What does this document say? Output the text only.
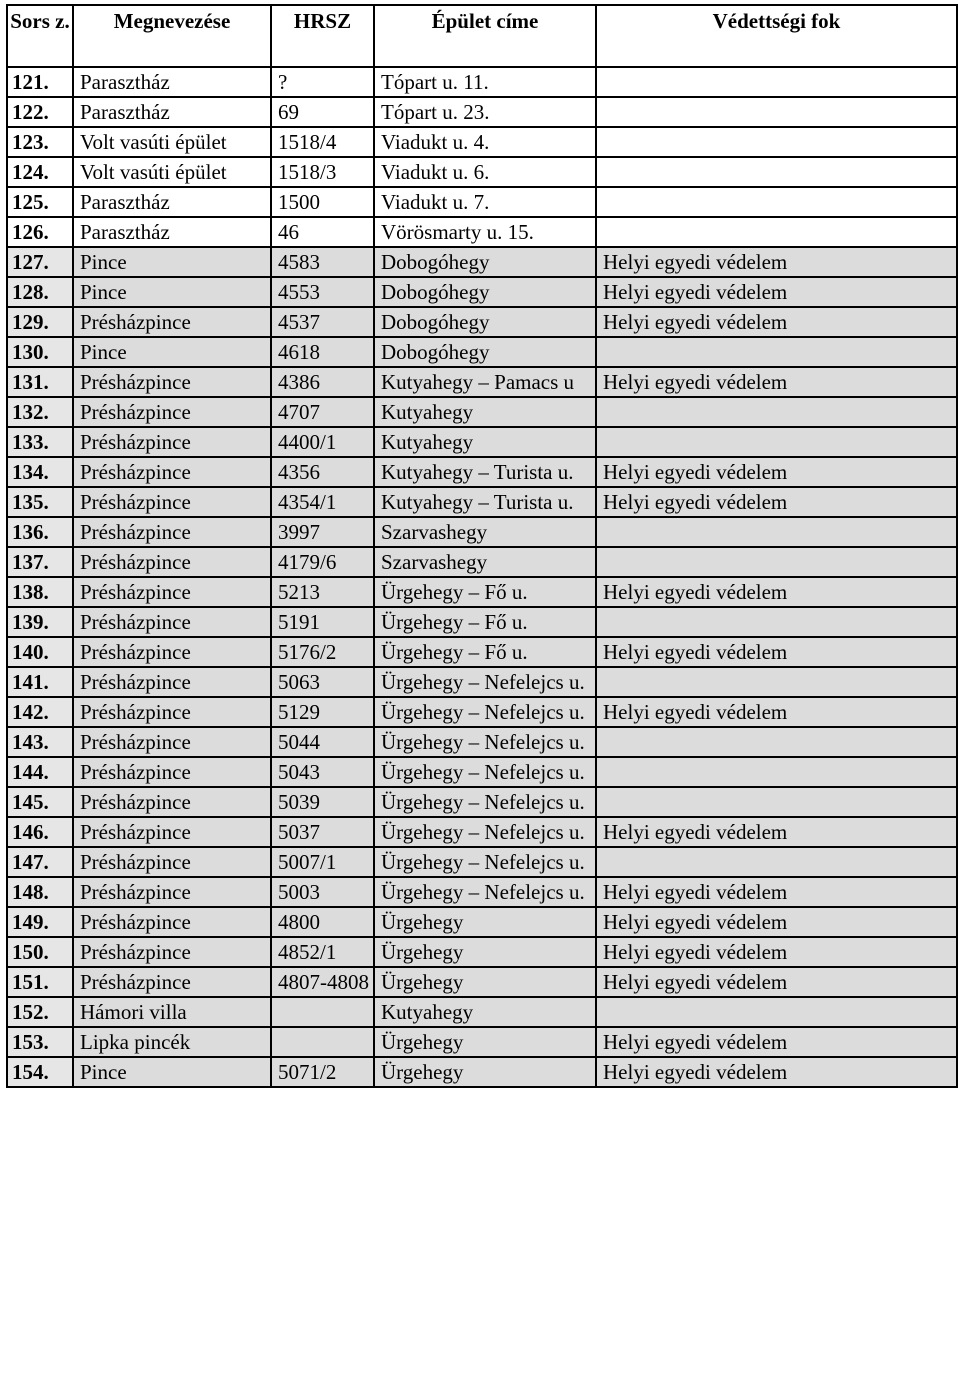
Sors z.	Megnevezése	HRSZ	Épület címe	Védettségi fok
121.	Parasztház	?	Tópart u. 11.	
122.	Parasztház	69	Tópart u. 23.	
123.	Volt vasúti épület	1518/4	Viadukt u. 4.	
124.	Volt vasúti épület	1518/3	Viadukt u. 6.	
125.	Parasztház	1500	Viadukt u. 7.	
126.	Parasztház	46	Vörösmarty u. 15.	
127.	Pince	4583	Dobogóhegy	Helyi egyedi védelem
128.	Pince	4553	Dobogóhegy	Helyi egyedi védelem
129.	Présházpince	4537	Dobogóhegy	Helyi egyedi védelem
130.	Pince	4618	Dobogóhegy	
131.	Présházpince	4386	Kutyahegy – Pamacs u	Helyi egyedi védelem
132.	Présházpince	4707	Kutyahegy	
133.	Présházpince	4400/1	Kutyahegy	
134.	Présházpince	4356	Kutyahegy – Turista u.	Helyi egyedi védelem
135.	Présházpince	4354/1	Kutyahegy – Turista u.	Helyi egyedi védelem
136.	Présházpince	3997	Szarvashegy	
137.	Présházpince	4179/6	Szarvashegy	
138.	Présházpince	5213	Ürgehegy – Fő u.	Helyi egyedi védelem
139.	Présházpince	5191	Ürgehegy – Fő u.	
140.	Présházpince	5176/2	Ürgehegy – Fő u.	Helyi egyedi védelem
141.	Présházpince	5063	Ürgehegy – Nefelejcs u.	
142.	Présházpince	5129	Ürgehegy – Nefelejcs u.	Helyi egyedi védelem
143.	Présházpince	5044	Ürgehegy – Nefelejcs u.	
144.	Présházpince	5043	Ürgehegy – Nefelejcs u.	
145.	Présházpince	5039	Ürgehegy – Nefelejcs u.	
146.	Présházpince	5037	Ürgehegy – Nefelejcs u.	Helyi egyedi védelem
147.	Présházpince	5007/1	Ürgehegy – Nefelejcs u.	
148.	Présházpince	5003	Ürgehegy – Nefelejcs u.	Helyi egyedi védelem
149.	Présházpince	4800	Ürgehegy	Helyi egyedi védelem
150.	Présházpince	4852/1	Ürgehegy	Helyi egyedi védelem
151.	Présházpince	4807-4808	Ürgehegy	Helyi egyedi védelem
152.	Hámori villa		Kutyahegy	
153.	Lipka pincék		Ürgehegy	Helyi egyedi védelem
154.	Pince	5071/2	Ürgehegy	Helyi egyedi védelem
